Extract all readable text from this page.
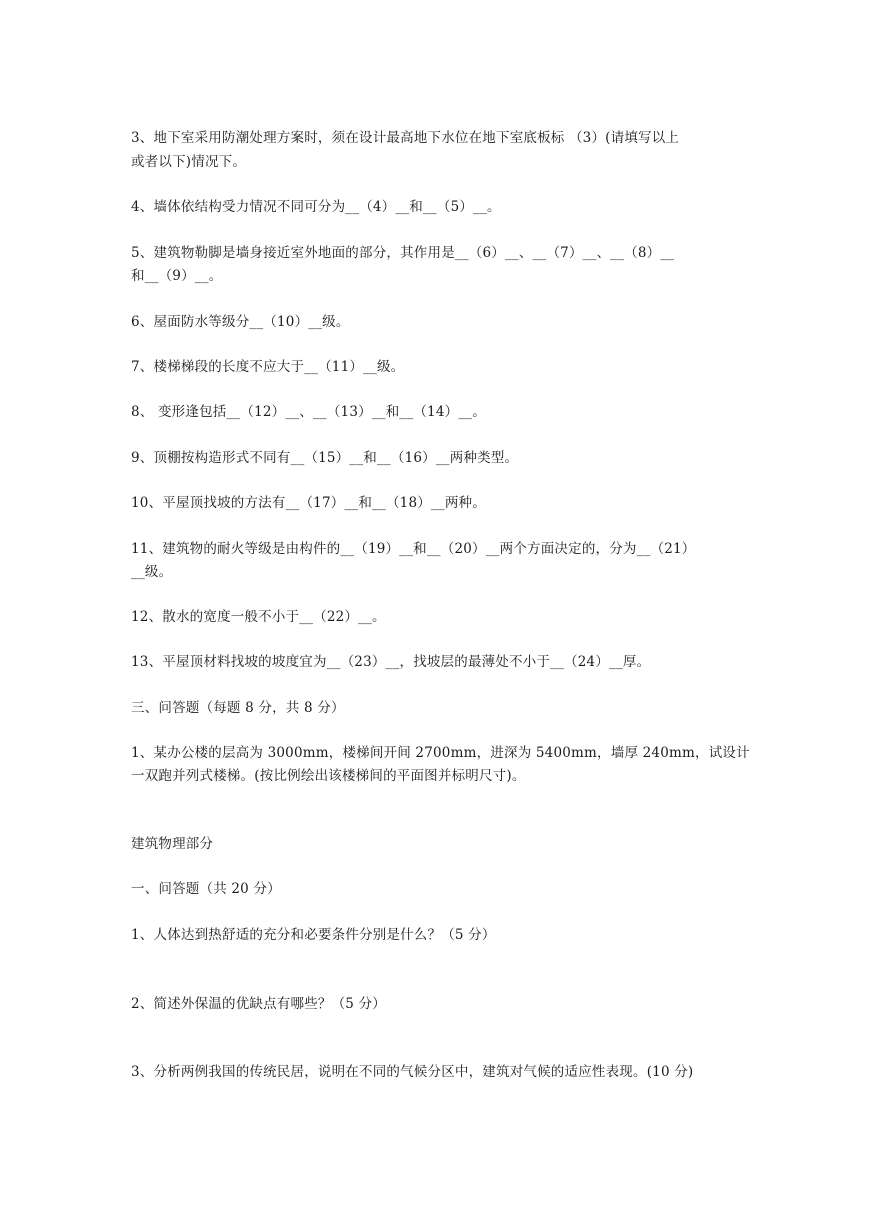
3、地下室采用防潮处理方案时，须在设计最高地下水位在地下室底板标 （3）(请填写以上
或者以下)情况下。
4、墙体依结构受力情况不同可分为__（4）__和__（5）__。
5、建筑物勒脚是墙身接近室外地面的部分，其作用是__（6）__、__（7）__、__（8）__
和__（9）__。
6、屋面防水等级分__（10）__级。
7、楼梯梯段的长度不应大于__（11）__级。
8、 变形逢包括__（12）__、__（13）__和__（14）__。
9、顶棚按构造形式不同有__（15）__和__（16）__两种类型。
10、平屋顶找坡的方法有__（17）__和__（18）__两种。
11、建筑物的耐火等级是由构件的__（19）__和__（20）__两个方面决定的，分为__（21）
__级。
12、散水的宽度一般不小于__（22）__。
13、平屋顶材料找坡的坡度宜为__（23）__，找坡层的最薄处不小于__（24）__厚。
三、问答题（每题 8 分，共 8 分）
1、某办公楼的层高为 3000mm，楼梯间开间 2700mm，进深为 5400mm，墙厚 240mm，试设计
一双跑并列式楼梯。(按比例绘出该楼梯间的平面图并标明尺寸)。
建筑物理部分
一、问答题（共 20 分）
1、人体达到热舒适的充分和必要条件分别是什么？（5 分）
2、简述外保温的优缺点有哪些？（5 分）
3、分析两例我国的传统民居，说明在不同的气候分区中，建筑对气候的适应性表现。(10 分)
